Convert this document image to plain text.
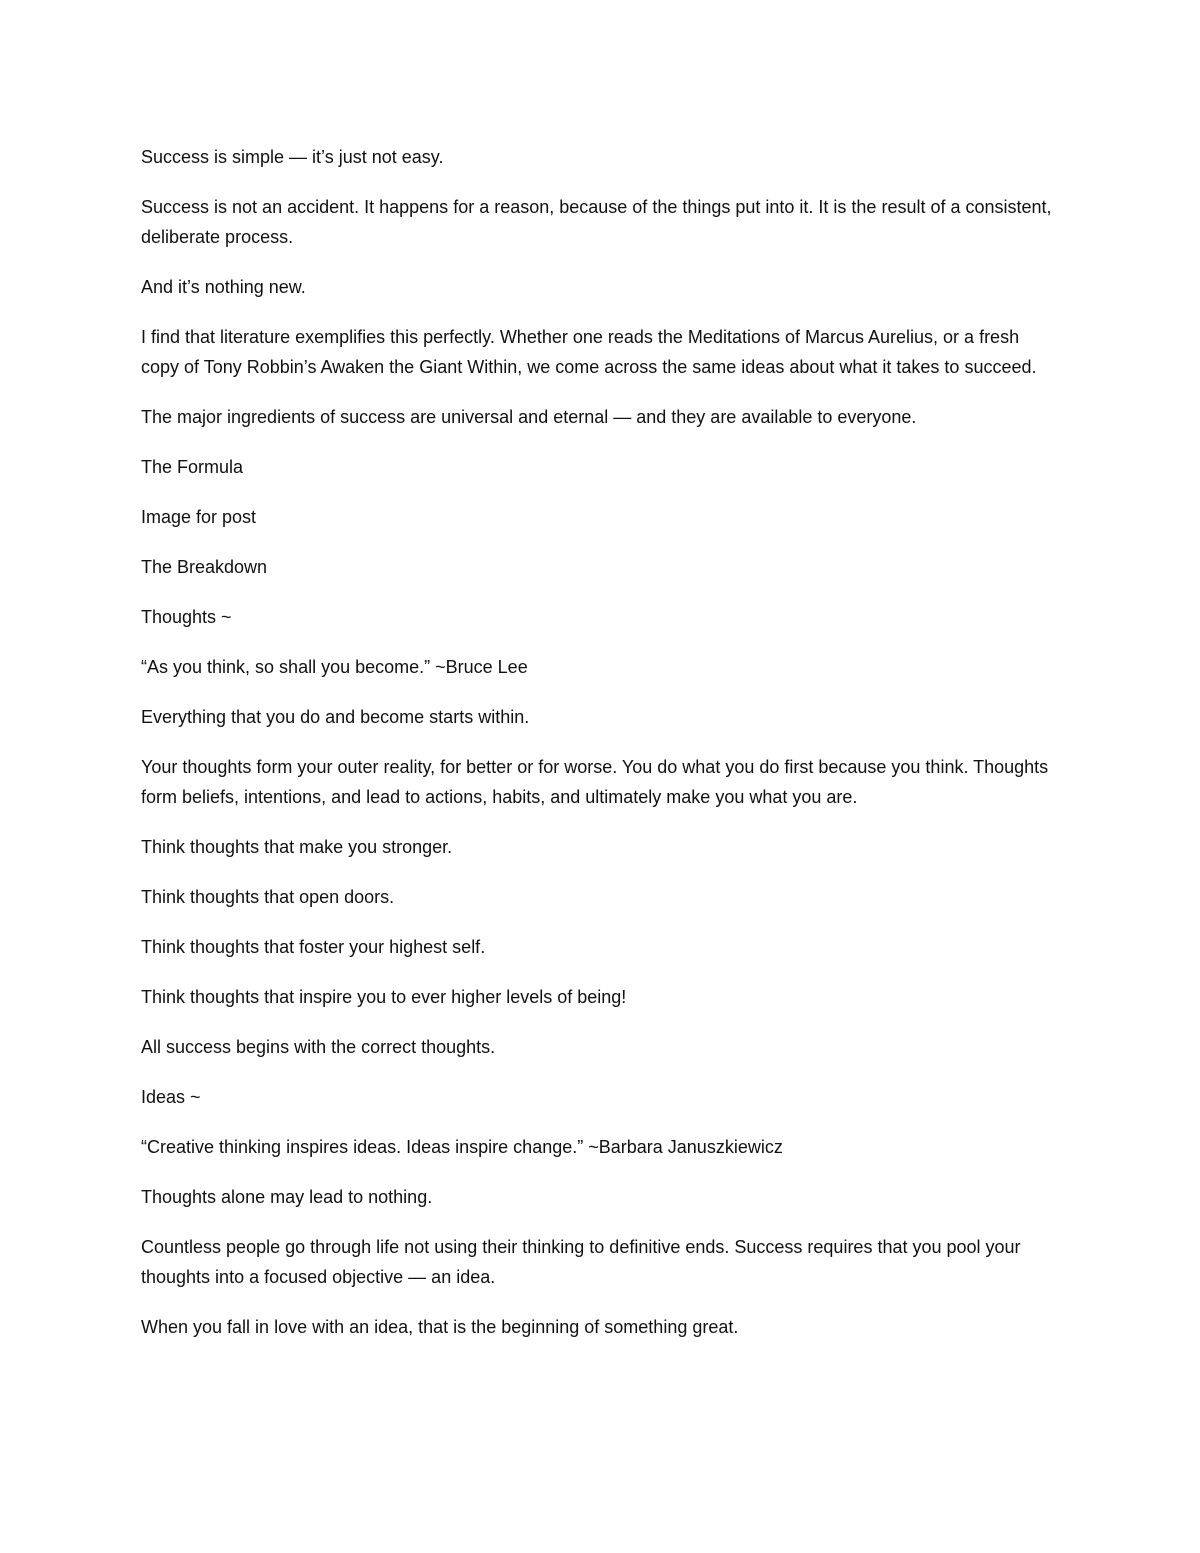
Success is simple — it’s just not easy.

Success is not an accident. It happens for a reason, because of the things put into it. It is the result of a consistent, deliberate process.

And it’s nothing new.

I find that literature exemplifies this perfectly. Whether one reads the Meditations of Marcus Aurelius, or a fresh copy of Tony Robbin’s Awaken the Giant Within, we come across the same ideas about what it takes to succeed.

The major ingredients of success are universal and eternal — and they are available to everyone.

The Formula

Image for post

The Breakdown

Thoughts ~

“As you think, so shall you become.” ~Bruce Lee

Everything that you do and become starts within.

Your thoughts form your outer reality, for better or for worse. You do what you do first because you think. Thoughts form beliefs, intentions, and lead to actions, habits, and ultimately make you what you are.

Think thoughts that make you stronger.

Think thoughts that open doors.

Think thoughts that foster your highest self.

Think thoughts that inspire you to ever higher levels of being!

All success begins with the correct thoughts.

Ideas ~

“Creative thinking inspires ideas. Ideas inspire change.” ~Barbara Januszkiewicz

Thoughts alone may lead to nothing.

Countless people go through life not using their thinking to definitive ends. Success requires that you pool your thoughts into a focused objective — an idea.

When you fall in love with an idea, that is the beginning of something great.
